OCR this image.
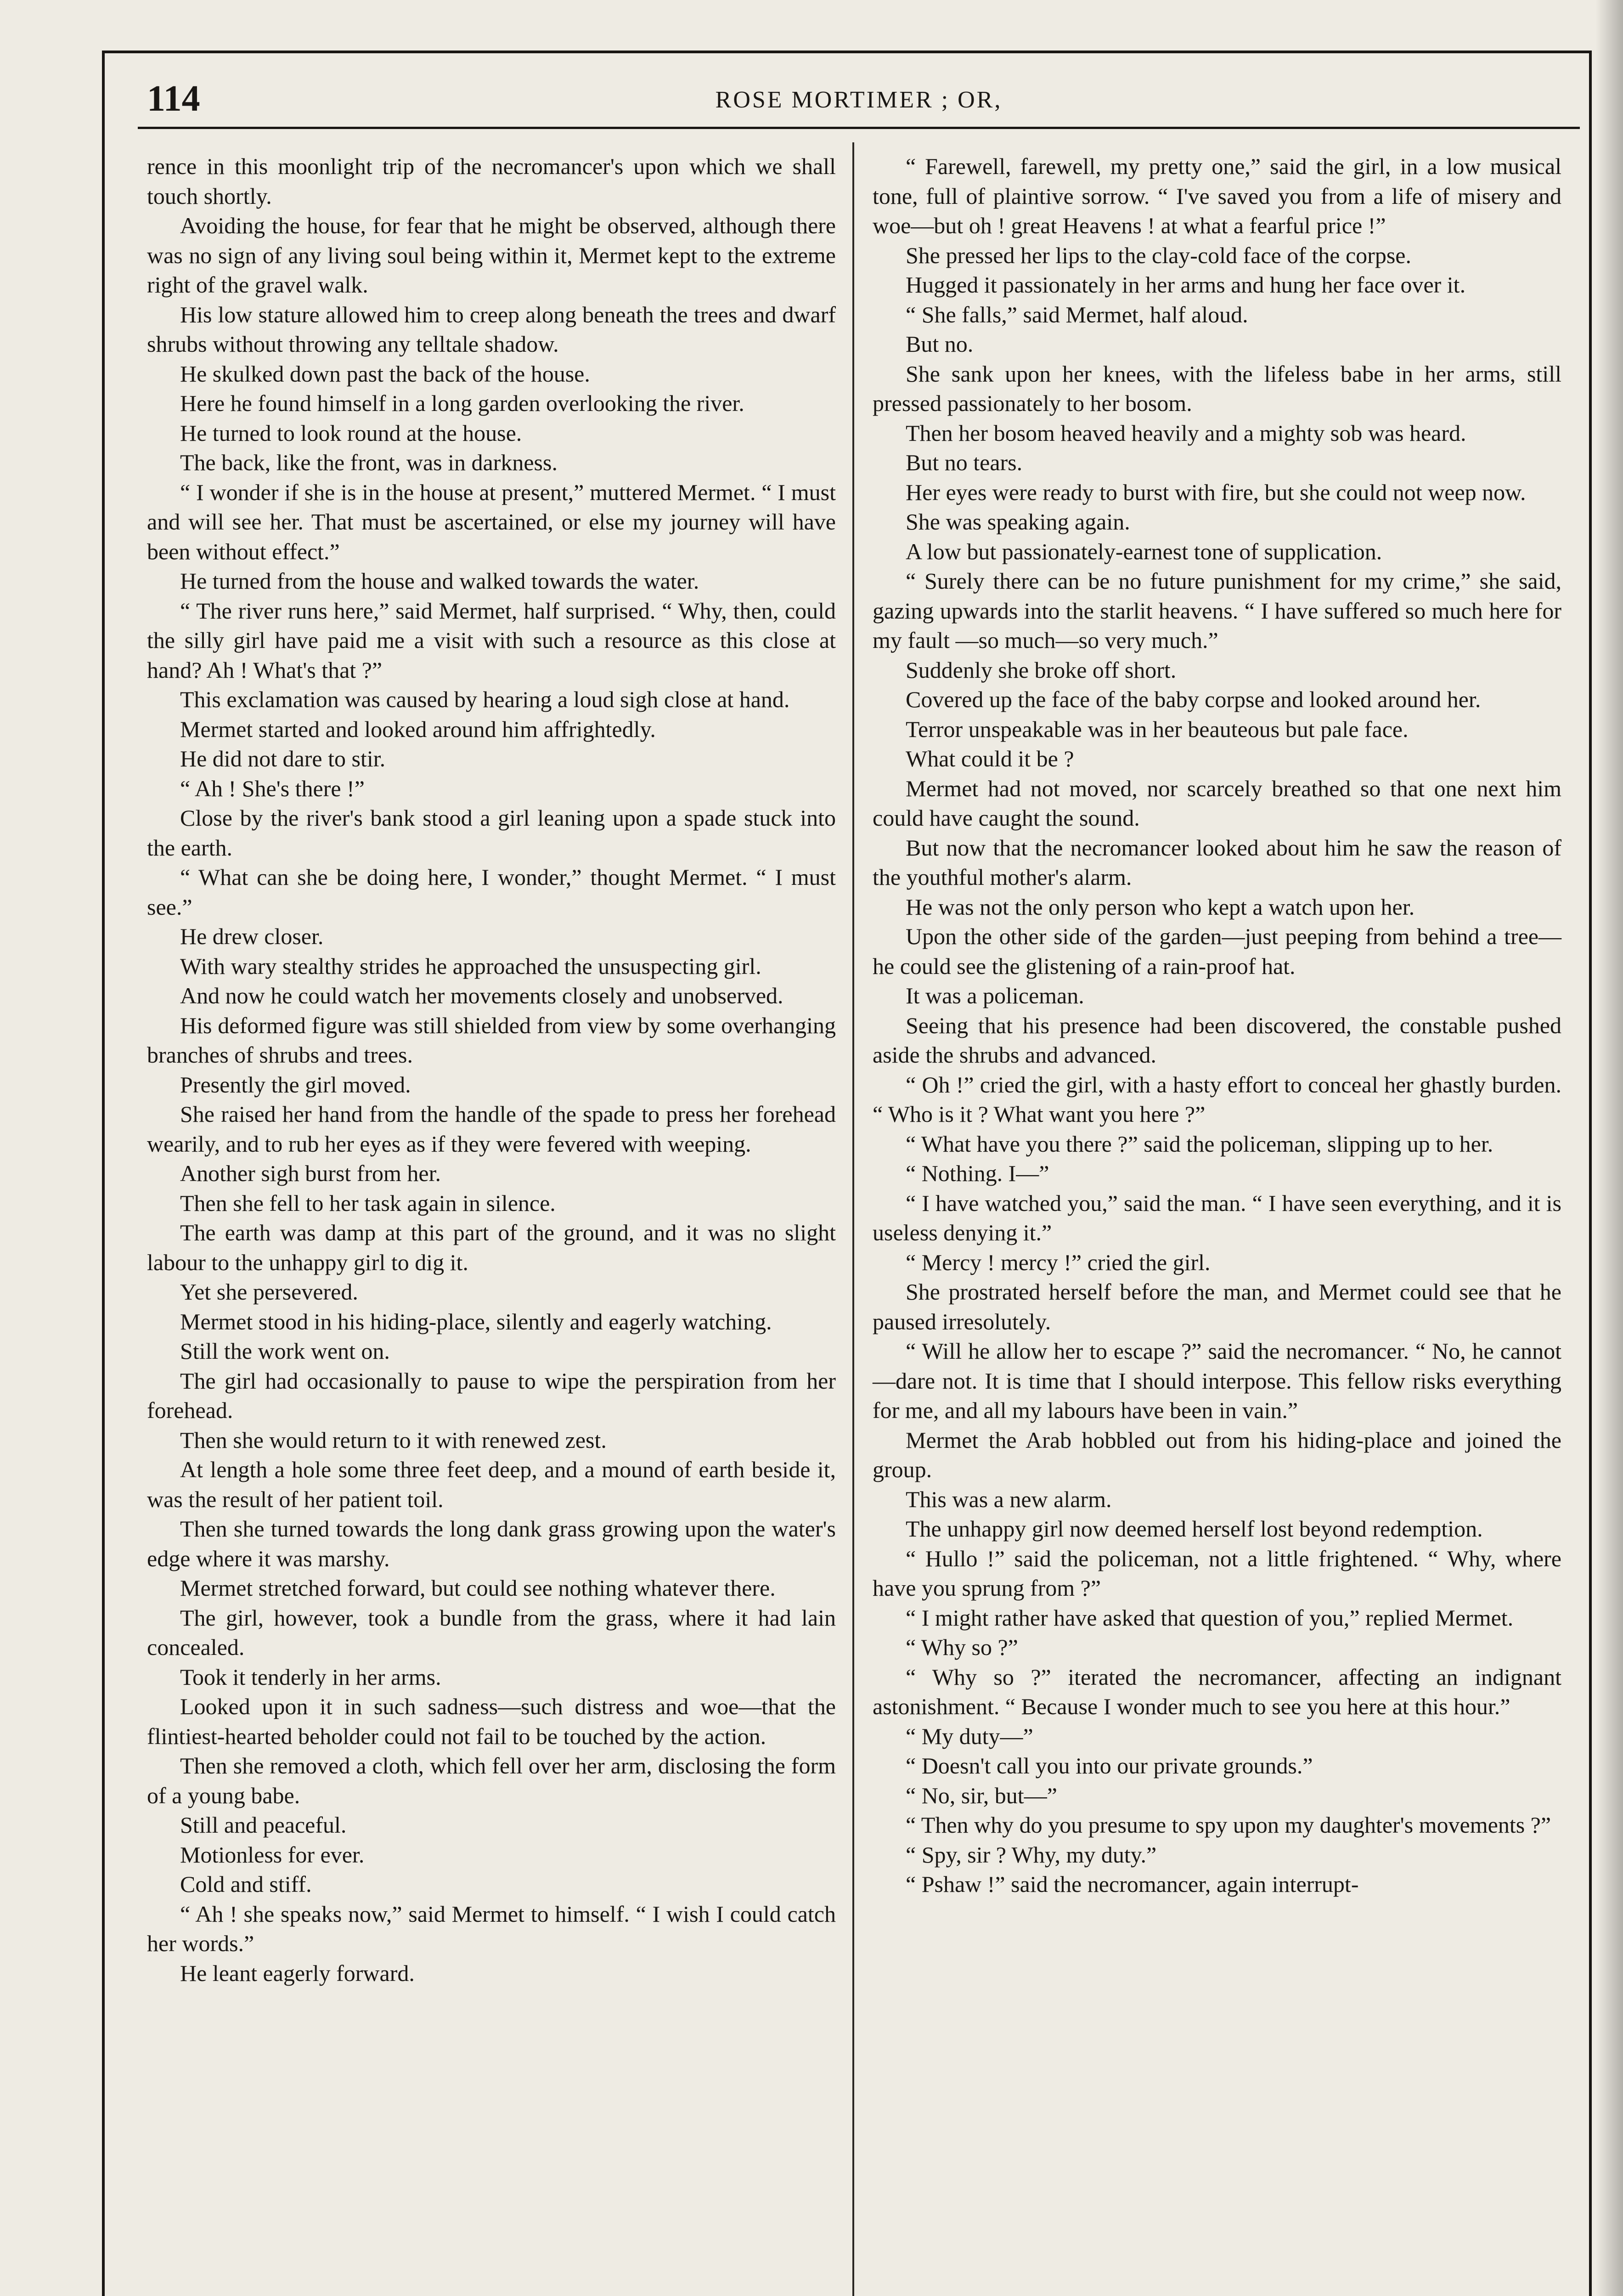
114	ROSE MORTIMER ; OR,

rence in this moonlight trip of the necromancer's upon which we shall touch shortly.

Avoiding the house, for fear that he might be observed, although there was no sign of any living soul being within it, Mermet kept to the extreme right of the gravel walk.

His low stature allowed him to creep along beneath the trees and dwarf shrubs without throwing any telltale shadow.

He skulked down past the back of the house.

Here he found himself in a long garden overlooking the river.

He turned to look round at the house.

The back, like the front, was in darkness.

“ I wonder if she is in the house at present,” muttered Mermet. “ I must and will see her. That must be ascertained, or else my journey will have been without effect.”

He turned from the house and walked towards the water.

“ The river runs here,” said Mermet, half surprised. “ Why, then, could the silly girl have paid me a visit with such a resource as this close at hand? Ah ! What's that ?”

This exclamation was caused by hearing a loud sigh close at hand.

Mermet started and looked around him affrightedly.

He did not dare to stir.

“ Ah ! She's there !”

Close by the river's bank stood a girl leaning upon a spade stuck into the earth.

“ What can she be doing here, I wonder,” thought Mermet. “ I must see.”

He drew closer.

With wary stealthy strides he approached the unsuspecting girl.

And now he could watch her movements closely and unobserved.

His deformed figure was still shielded from view by some overhanging branches of shrubs and trees.

Presently the girl moved.

She raised her hand from the handle of the spade to press her forehead wearily, and to rub her eyes as if they were fevered with weeping.

Another sigh burst from her.

Then she fell to her task again in silence.

The earth was damp at this part of the ground, and it was no slight labour to the unhappy girl to dig it.

Yet she persevered.

Mermet stood in his hiding-place, silently and eagerly watching.

Still the work went on.

The girl had occasionally to pause to wipe the perspiration from her forehead.

Then she would return to it with renewed zest.

At length a hole some three feet deep, and a mound of earth beside it, was the result of her patient toil.

Then she turned towards the long dank grass growing upon the water's edge where it was marshy.

Mermet stretched forward, but could see nothing whatever there.

The girl, however, took a bundle from the grass, where it had lain concealed.

Took it tenderly in her arms.

Looked upon it in such sadness—such distress and woe—that the flintiest-hearted beholder could not fail to be touched by the action.

Then she removed a cloth, which fell over her arm, disclosing the form of a young babe.

Still and peaceful.

Motionless for ever.

Cold and stiff.

“ Ah ! she speaks now,” said Mermet to himself. “ I wish I could catch her words.”

He leant eagerly forward.

“ Farewell, farewell, my pretty one,” said the girl, in a low musical tone, full of plaintive sorrow. “ I've saved you from a life of misery and woe—but oh ! great Heavens ! at what a fearful price !”

She pressed her lips to the clay-cold face of the corpse.

Hugged it passionately in her arms and hung her face over it.

“ She falls,” said Mermet, half aloud.

But no.

She sank upon her knees, with the lifeless babe in her arms, still pressed passionately to her bosom.

Then her bosom heaved heavily and a mighty sob was heard.

But no tears.

Her eyes were ready to burst with fire, but she could not weep now.

She was speaking again.

A low but passionately-earnest tone of supplication.

“ Surely there can be no future punishment for my crime,” she said, gazing upwards into the starlit heavens. “ I have suffered so much here for my fault —so much—so very much.”

Suddenly she broke off short.

Covered up the face of the baby corpse and looked around her.

Terror unspeakable was in her beauteous but pale face.

What could it be ?

Mermet had not moved, nor scarcely breathed so that one next him could have caught the sound.

But now that the necromancer looked about him he saw the reason of the youthful mother's alarm.

He was not the only person who kept a watch upon her.

Upon the other side of the garden—just peeping from behind a tree—he could see the glistening of a rain-proof hat.

It was a policeman.

Seeing that his presence had been discovered, the constable pushed aside the shrubs and advanced.

“ Oh !” cried the girl, with a hasty effort to conceal her ghastly burden. “ Who is it ? What want you here ?”

“ What have you there ?” said the policeman, slipping up to her.

“ Nothing. I—”

“ I have watched you,” said the man. “ I have seen everything, and it is useless denying it.”

“ Mercy ! mercy !” cried the girl.

She prostrated herself before the man, and Mermet could see that he paused irresolutely.

“ Will he allow her to escape ?” said the necromancer. “ No, he cannot—dare not. It is time that I should interpose. This fellow risks everything for me, and all my labours have been in vain.”

Mermet the Arab hobbled out from his hiding-place and joined the group.

This was a new alarm.

The unhappy girl now deemed herself lost beyond redemption.

“ Hullo !” said the policeman, not a little frightened. “ Why, where have you sprung from ?”

“ I might rather have asked that question of you,” replied Mermet.

“ Why so ?”

“ Why so ?” iterated the necromancer, affecting an indignant astonishment. “ Because I wonder much to see you here at this hour.”

“ My duty—”

“ Doesn't call you into our private grounds.”

“ No, sir, but—”

“ Then why do you presume to spy upon my daughter's movements ?”

“ Spy, sir ? Why, my duty.”

“ Pshaw !” said the necromancer, again interrupt-
